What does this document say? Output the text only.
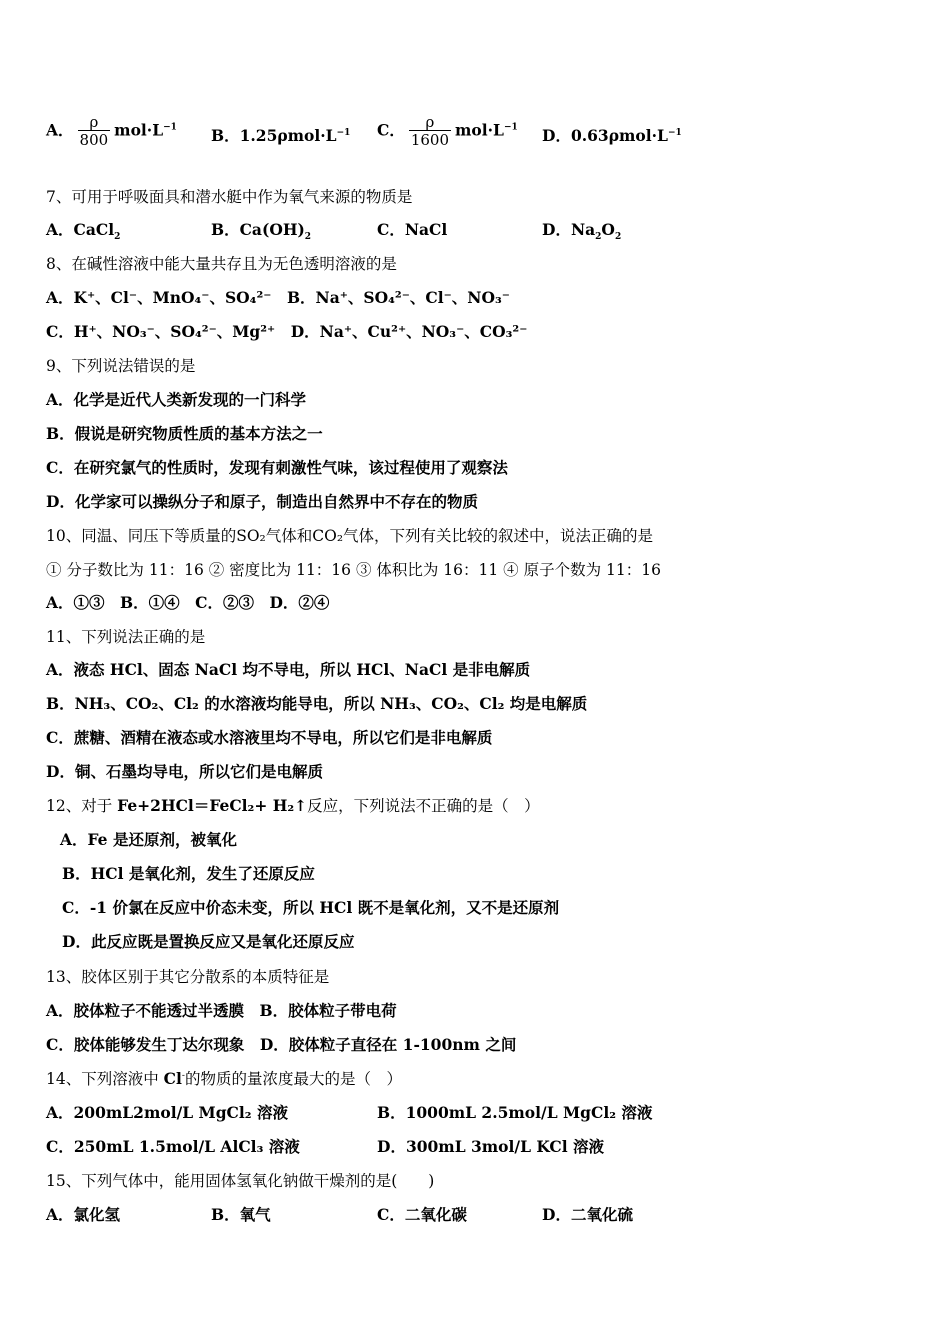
A． $\frac{\rho}{800} mol\cdot L^{-1}$ B．$1.25\rho mol\cdot L^{-1}$ C． $\frac{\rho}{1600} mol\cdot L^{-1}$ D．$0.63\rho mol\cdot L^{-1}$
7、可用于呼吸面具和潜水艇中作为氧气来源的物质是
A．CaCl$_2$	B．$Ca(OH)_2$	C．NaCl	D．$Na_2O_2$
8、在碱性溶液中能大量共存且为无色透明溶液的是
A．K⁺、Cl⁻、MnO₄⁻、SO₄²⁻　B．Na⁺、SO₄²⁻、Cl⁻、NO₃⁻
C．H⁺、NO₃⁻、SO₄²⁻、Mg²⁺　D．Na⁺、Cu²⁺、NO₃⁻、CO₃²⁻
9、下列说法错误的是
A．化学是近代人类新发现的一门科学
B．假说是研究物质性质的基本方法之一
C．在研究氯气的性质时，发现有刺激性气味，该过程使用了观察法
D．化学家可以操纵分子和原子，制造出自然界中不存在的物质
10、同温、同压下等质量的SO₂气体和CO₂气体，下列有关比较的叙述中，说法正确的是
① 分子数比为 11：16 ② 密度比为 11：16 ③ 体积比为 16：11 ④ 原子个数为 11：16
A．①③　B．①④　C．②③　D．②④
11、下列说法正确的是
A．液态 HCl、固态 NaCl 均不导电，所以 HCl、NaCl 是非电解质
B．NH₃、CO₂、Cl₂ 的水溶液均能导电，所以 NH₃、CO₂、Cl₂ 均是电解质
C．蔗糖、酒精在液态或水溶液里均不导电，所以它们是非电解质
D．铜、石墨均导电，所以它们是电解质
12、对于 Fe+2HCl＝FeCl₂+ H₂↑反应，下列说法不正确的是（　）
A．Fe 是还原剂，被氧化
B．HCl 是氧化剂，发生了还原反应
C．-1 价氯在反应中价态未变，所以 HCl 既不是氧化剂，又不是还原剂
D．此反应既是置换反应又是氧化还原反应
13、胶体区别于其它分散系的本质特征是
A．胶体粒子不能透过半透膜　B．胶体粒子带电荷
C．胶体能够发生丁达尔现象　D．胶体粒子直径在 1-100nm 之间
14、下列溶液中 Cl-的物质的量浓度最大的是（　）
A．200mL2mol/L MgCl₂ 溶液	B．1000mL 2.5mol/L MgCl₂ 溶液
C．250mL 1.5mol/L AlCl₃ 溶液	D．300mL 3mol/L KCl 溶液
15、下列气体中，能用固体氢氧化钠做干燥剂的是(　　)
A．氯化氢	B．氧气	C．二氧化碳	D．二氧化硫
